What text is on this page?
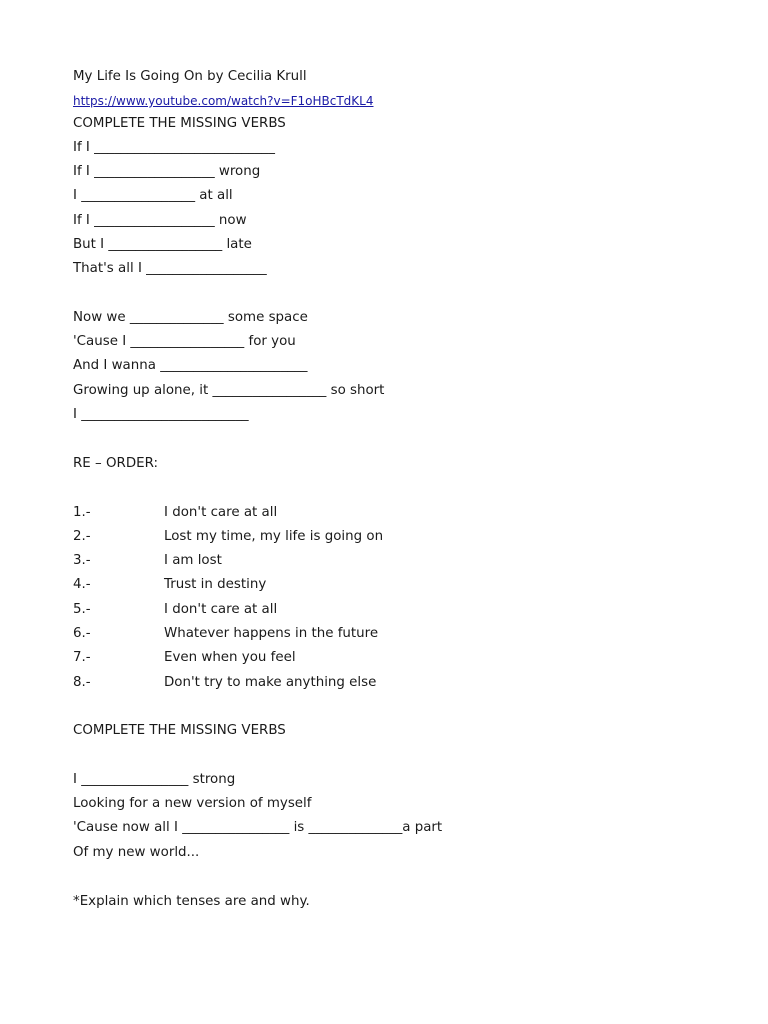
My Life Is Going On by Cecilia Krull
https://www.youtube.com/watch?v=F1oHBcTdKL4
COMPLETE THE MISSING VERBS
If I ___________________________
If I __________________ wrong
I _________________ at all
If I __________________ now
But I _________________ late
That's all I __________________
Now we ______________ some space
'Cause I _________________ for you
And I wanna ______________________
Growing up alone, it _________________ so short
I _________________________
RE – ORDER:
1.-	I don't care at all
2.-	Lost my time, my life is going on
3.-	I am lost
4.-	Trust in destiny
5.-	I don't care at all
6.-	Whatever happens in the future
7.-	Even when you feel
8.-	Don't try to make anything else
COMPLETE THE MISSING VERBS
I ________________ strong
Looking for a new version of myself
'Cause now all I ________________ is ______________a part
Of my new world...
*Explain which tenses are and why.
